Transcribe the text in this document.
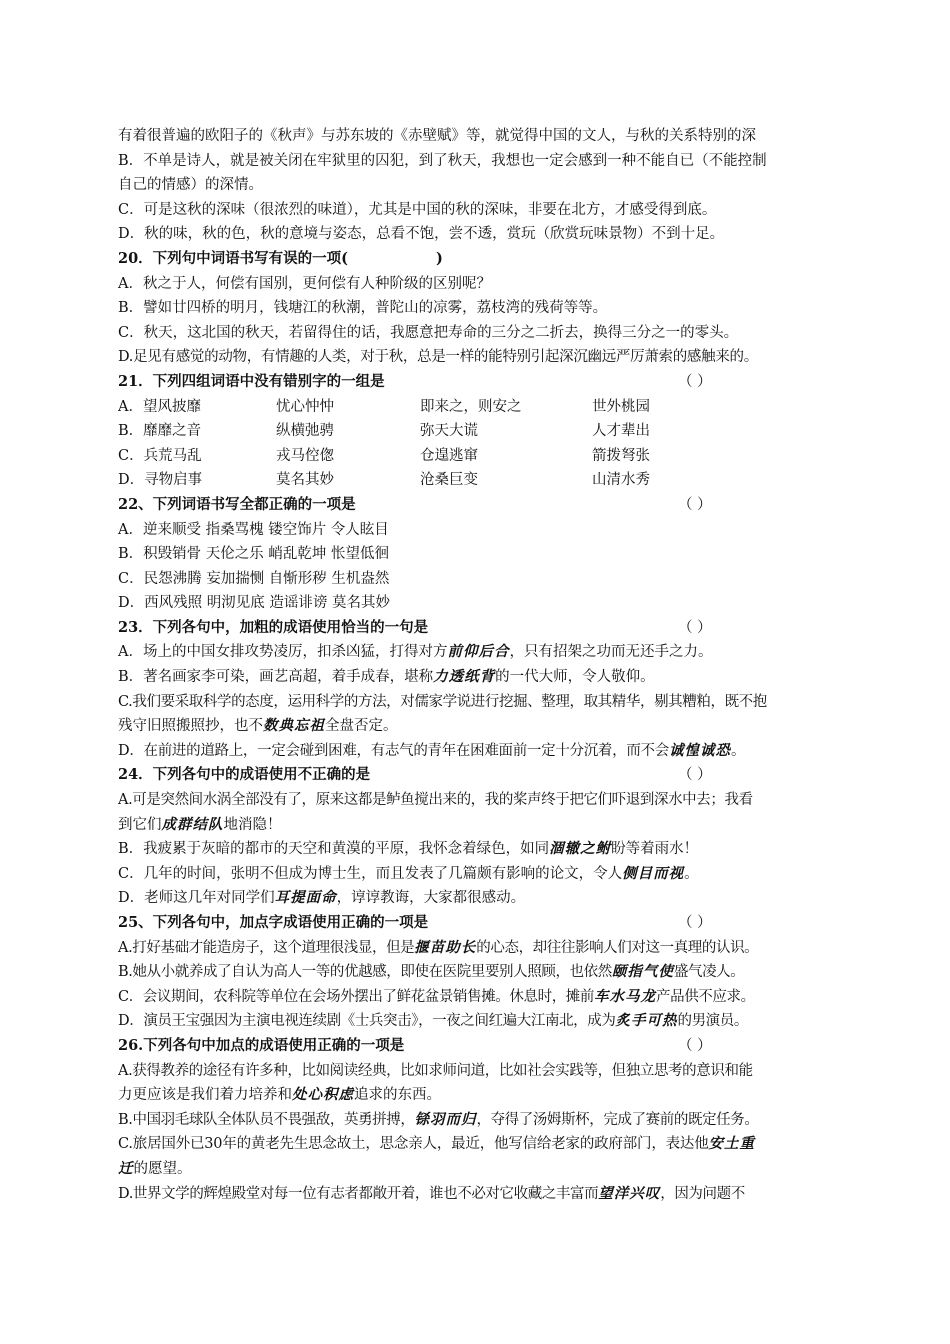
有着很普遍的欧阳子的《秋声》与苏东坡的《赤壁赋》等，就觉得中国的文人，与秋的关系特别的深
B．不单是诗人，就是被关闭在牢狱里的囚犯，到了秋天，我想也一定会感到一种不能自已（不能控制
自己的情感）的深情。
C．可是这秋的深味（很浓烈的味道），尤其是中国的秋的深味，非要在北方，才感受得到底。
D．秋的味，秋的色，秋的意境与姿态，总看不饱，尝不透，赏玩（欣赏玩味景物）不到十足。
20．下列句中词语书写有误的一项(	)
A．秋之于人，何偿有国别，更何偿有人种阶级的区别呢？
B．譬如廿四桥的明月，钱塘江的秋潮，普陀山的凉雾，荔枝湾的残荷等等。
C．秋天，这北国的秋天，若留得住的话，我愿意把寿命的三分之二折去，换得三分之一的零头。
D.足见有感觉的动物，有情趣的人类，对于秋，总是一样的能特别引起深沉幽远严厉萧索的感触来的。
21．下列四组词语中没有错别字的一组是	（ ）
A．望风披靡	忧心忡忡	即来之，则安之	世外桃园
B．靡靡之音	纵横弛骋	弥天大谎	人才辈出
C．兵荒马乱	戎马倥偬	仓遑逃窜	箭拨弩张
D．寻物启事	莫名其妙	沧桑巨变	山清水秀
22、下列词语书写全都正确的一项是	（ ）
A．逆来顺受 指桑骂槐 镂空饰片 令人眩目
B．积毁销骨 天伦之乐 峭乱乾坤 怅望低徊
C．民怨沸腾 妄加揣恻 自惭形秽 生机盎然
D．西风残照 明沏见底 造谣诽谤 莫名其妙
23．下列各句中，加粗的成语使用恰当的一句是	（ ）
A．场上的中国女排攻势凌厉，扣杀凶猛，打得对方前仰后合，只有招架之功而无还手之力。
B．著名画家李可染，画艺高超，着手成春，堪称力透纸背的一代大师，令人敬仰。
C.我们要采取科学的态度，运用科学的方法，对儒家学说进行挖掘、整理，取其精华，剔其糟粕，既不抱
残守旧照搬照抄，也不数典忘祖全盘否定。
D．在前进的道路上，一定会碰到困难，有志气的青年在困难面前一定十分沉着，而不会诚惶诚恐。
24．下列各句中的成语使用不正确的是	（ ）
A.可是突然间水涡全部没有了，原来这都是鲈鱼搅出来的，我的桨声终于把它们吓退到深水中去；我看
到它们成群结队地消隐！
B．我疲累于灰暗的都市的天空和黄漠的平原，我怀念着绿色，如同涸辙之鲋盼等着雨水！
C．几年的时间，张明不但成为博士生，而且发表了几篇颇有影响的论文，令人侧目而视。
D．老师这几年对同学们耳提面命，谆谆教诲，大家都很感动。
25、下列各句中，加点字成语使用正确的一项是	（ ）
A.打好基础才能造房子，这个道理很浅显，但是揠苗助长的心态，却往往影响人们对这一真理的认识。
B.她从小就养成了自认为高人一等的优越感，即使在医院里要别人照顾，也依然颐指气使盛气凌人。
C．会议期间，农科院等单位在会场外摆出了鲜花盆景销售摊。休息时，摊前车水马龙产品供不应求。
D．演员王宝强因为主演电视连续剧《士兵突击》，一夜之间红遍大江南北，成为炙手可热的男演员。
26.下列各句中加点的成语使用正确的一项是	（ ）
A.获得教养的途径有许多种，比如阅读经典，比如求师问道，比如社会实践等，但独立思考的意识和能
力更应该是我们着力培养和处心积虑追求的东西。
B.中国羽毛球队全体队员不畏强敌，英勇拼搏，铩羽而归，夺得了汤姆斯杯，完成了赛前的既定任务。
C.旅居国外已30年的黄老先生思念故土，思念亲人，最近，他写信给老家的政府部门，表达他安土重
迁的愿望。
D.世界文学的辉煌殿堂对每一位有志者都敞开着，谁也不必对它收藏之丰富而望洋兴叹，因为问题不
